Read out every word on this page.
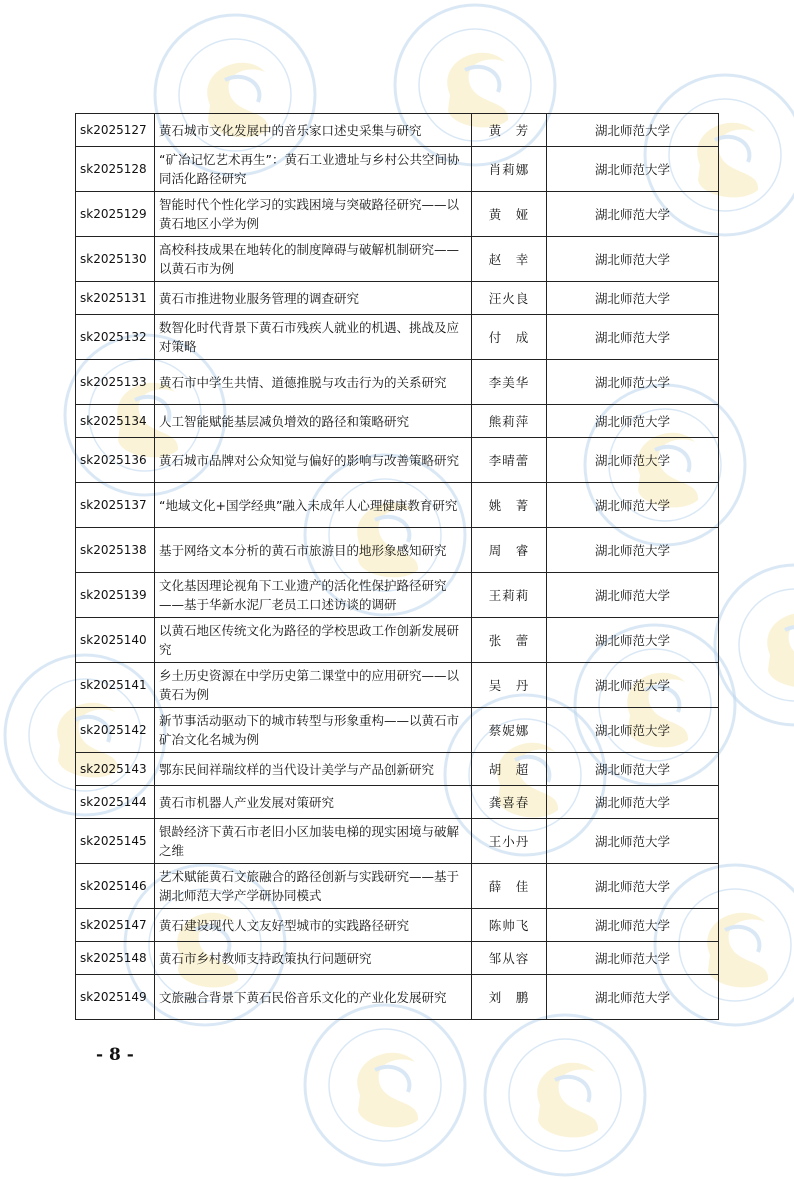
sk2025127	黄石城市文化发展中的音乐家口述史采集与研究	黄　芳	湖北师范大学
sk2025128	“矿冶记忆艺术再生”：黄石工业遗址与乡村公共空间协同活化路径研究	肖莉娜	湖北师范大学
sk2025129	智能时代个性化学习的实践困境与突破路径研究——以黄石地区小学为例	黄　娅	湖北师范大学
sk2025130	高校科技成果在地转化的制度障碍与破解机制研究——以黄石市为例	赵　幸	湖北师范大学
sk2025131	黄石市推进物业服务管理的调查研究	汪火良	湖北师范大学
sk2025132	数智化时代背景下黄石市残疾人就业的机遇、挑战及应对策略	付　成	湖北师范大学
sk2025133	黄石市中学生共情、道德推脱与攻击行为的关系研究	李美华	湖北师范大学
sk2025134	人工智能赋能基层减负增效的路径和策略研究	熊莉萍	湖北师范大学
sk2025136	黄石城市品牌对公众知觉与偏好的影响与改善策略研究	李晴蕾	湖北师范大学
sk2025137	“地域文化+国学经典”融入未成年人心理健康教育研究	姚　菁	湖北师范大学
sk2025138	基于网络文本分析的黄石市旅游目的地形象感知研究	周　睿	湖北师范大学
sk2025139	文化基因理论视角下工业遗产的活化性保护路径研究——基于华新水泥厂老员工口述访谈的调研	王莉莉	湖北师范大学
sk2025140	以黄石地区传统文化为路径的学校思政工作创新发展研究	张　蕾	湖北师范大学
sk2025141	乡土历史资源在中学历史第二课堂中的应用研究——以黄石为例	吴　丹	湖北师范大学
sk2025142	新节事活动驱动下的城市转型与形象重构——以黄石市矿冶文化名城为例	蔡妮娜	湖北师范大学
sk2025143	鄂东民间祥瑞纹样的当代设计美学与产品创新研究	胡　超	湖北师范大学
sk2025144	黄石市机器人产业发展对策研究	龚喜春	湖北师范大学
sk2025145	银龄经济下黄石市老旧小区加装电梯的现实困境与破解之维	王小丹	湖北师范大学
sk2025146	艺术赋能黄石文旅融合的路径创新与实践研究——基于湖北师范大学产学研协同模式	薛　佳	湖北师范大学
sk2025147	黄石建设现代人文友好型城市的实践路径研究	陈帅飞	湖北师范大学
sk2025148	黄石市乡村教师支持政策执行问题研究	邹从容	湖北师范大学
sk2025149	文旅融合背景下黄石民俗音乐文化的产业化发展研究	刘　鹏	湖北师范大学
- 8 -
